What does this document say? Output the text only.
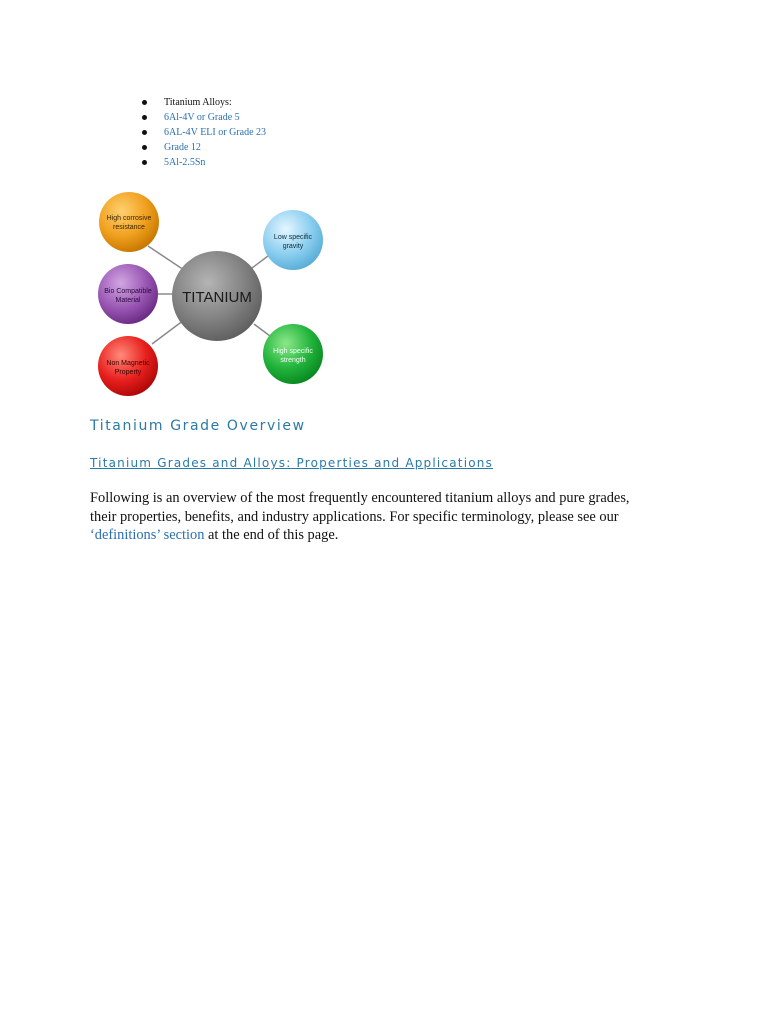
Titanium Alloys:
6Al-4V or Grade 5
6AL-4V ELI or Grade 23
Grade 12
5Al-2.5Sn
High corrosive
resistance
Bio Compatible
Material
Non Magnetic
Property
Low specific
gravity
High specific
strength
TITANIUM
Titanium Grade Overview
Titanium Grades and Alloys: Properties and Applications
Following is an overview of the most frequently encountered titanium alloys and pure grades,
their properties, benefits, and industry applications. For specific terminology, please see our
‘definitions’ section at the end of this page.
